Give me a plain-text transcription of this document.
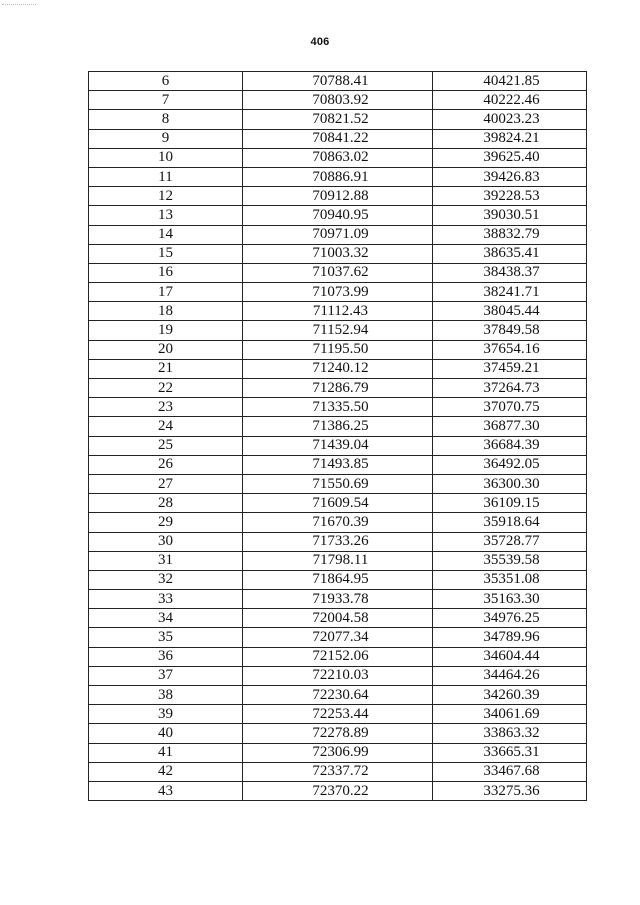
406
6	70788.41	40421.85
7	70803.92	40222.46
8	70821.52	40023.23
9	70841.22	39824.21
10	70863.02	39625.40
11	70886.91	39426.83
12	70912.88	39228.53
13	70940.95	39030.51
14	70971.09	38832.79
15	71003.32	38635.41
16	71037.62	38438.37
17	71073.99	38241.71
18	71112.43	38045.44
19	71152.94	37849.58
20	71195.50	37654.16
21	71240.12	37459.21
22	71286.79	37264.73
23	71335.50	37070.75
24	71386.25	36877.30
25	71439.04	36684.39
26	71493.85	36492.05
27	71550.69	36300.30
28	71609.54	36109.15
29	71670.39	35918.64
30	71733.26	35728.77
31	71798.11	35539.58
32	71864.95	35351.08
33	71933.78	35163.30
34	72004.58	34976.25
35	72077.34	34789.96
36	72152.06	34604.44
37	72210.03	34464.26
38	72230.64	34260.39
39	72253.44	34061.69
40	72278.89	33863.32
41	72306.99	33665.31
42	72337.72	33467.68
43	72370.22	33275.36
